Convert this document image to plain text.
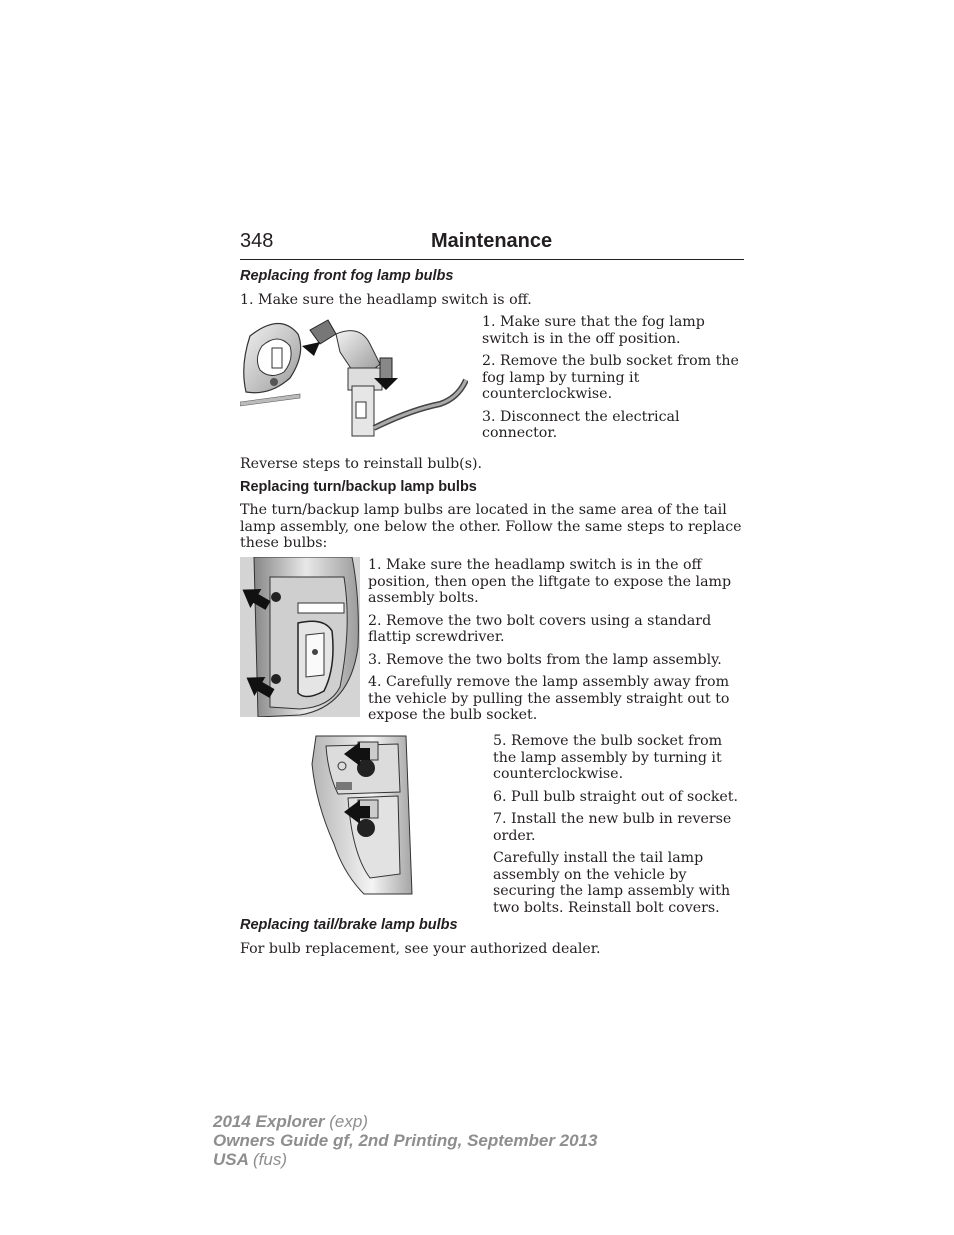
348	Maintenance
Replacing front fog lamp bulbs
1. Make sure the headlamp switch is off.

1. Make sure that the fog lamp switch is in the off position.

2. Remove the bulb socket from the fog lamp by turning it counterclockwise.

3. Disconnect the electrical connector.

Reverse steps to reinstall bulb(s).
Replacing turn/backup lamp bulbs
The turn/backup lamp bulbs are located in the same area of the tail lamp assembly, one below the other. Follow the same steps to replace these bulbs:

1. Make sure the headlamp switch is in the off position, then open the liftgate to expose the lamp assembly bolts.

2. Remove the two bolt covers using a standard flattip screwdriver.

3. Remove the two bolts from the lamp assembly.

4. Carefully remove the lamp assembly away from the vehicle by pulling the assembly straight out to expose the bulb socket.

5. Remove the bulb socket from the lamp assembly by turning it counterclockwise.

6. Pull bulb straight out of socket.

7. Install the new bulb in reverse order.

Carefully install the tail lamp assembly on the vehicle by securing the lamp assembly with two bolts. Reinstall bolt covers.

Replacing tail/brake lamp bulbs
For bulb replacement, see your authorized dealer.
2014 Explorer (exp)
Owners Guide gf, 2nd Printing, September 2013
USA (fus)
